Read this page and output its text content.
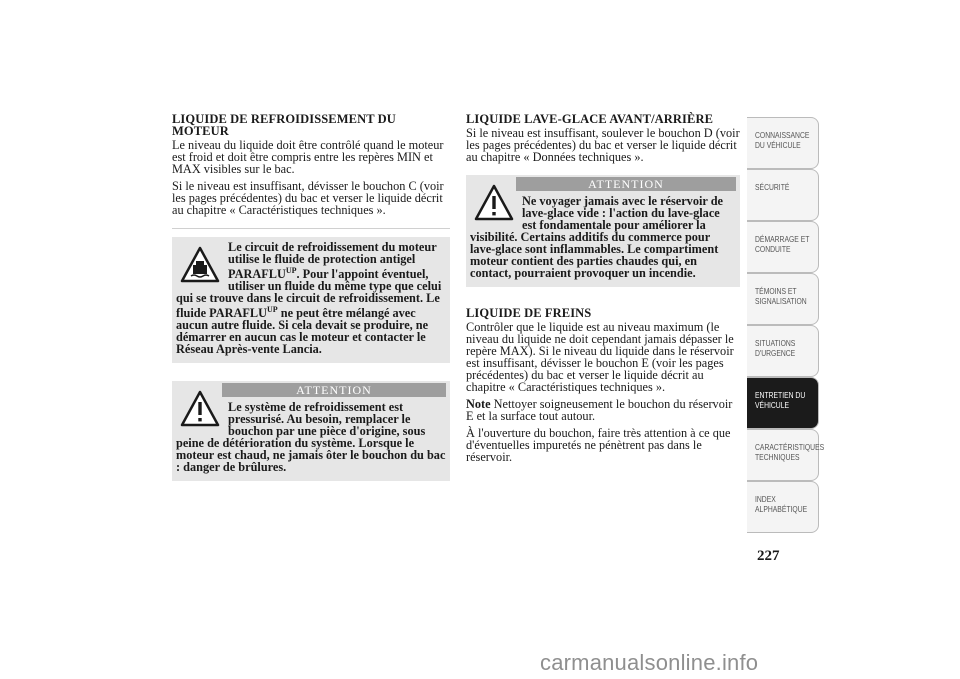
LIQUIDE DE REFROIDISSEMENT DU MOTEUR

Le niveau du liquide doit être contrôlé quand le moteur est froid et doit être compris entre les repères MIN et MAX visibles sur le bac.

Si le niveau est insuffisant, dévisser le bouchon C (voir les pages précédentes) du bac et verser le liquide décrit au chapitre « Caractéristiques techniques ».

Le circuit de refroidissement du moteur utilise le fluide de protection antigel $PARAFLU^{UP}$. Pour l'appoint éventuel, utiliser un fluide du même type que celui qui se trouve dans le circuit de refroidissement. Le fluide $PARAFLU^{UP}$ ne peut être mélangé avec aucun autre fluide. Si cela devait se produire, ne démarrer en aucun cas le moteur et contacter le Réseau Après-vente Lancia.
ATTENTION
Le système de refroidissement est pressurisé. Au besoin, remplacer le bouchon par une pièce d'origine, sous peine de détérioration du système. Lorsque le moteur est chaud, ne jamais ôter le bouchon du bac : danger de brûlures.
LIQUIDE LAVE-GLACE AVANT/ARRIÈRE

Si le niveau est insuffisant, soulever le bouchon D (voir les pages précédentes) du bac et verser le liquide décrit au chapitre « Données techniques ».

ATTENTION
Ne voyager jamais avec le réservoir de lave-glace vide : l'action du lave-glace est fondamentale pour améliorer la visibilité. Certains additifs du commerce pour lave-glace sont inflammables. Le compartiment moteur contient des parties chaudes qui, en contact, pourraient provoquer un incendie.
LIQUIDE DE FREINS

Contrôler que le liquide est au niveau maximum (le niveau du liquide ne doit cependant jamais dépasser le repère MAX). Si le niveau du liquide dans le réservoir est insuffisant, dévisser le bouchon E (voir les pages précédentes) du bac et verser le liquide décrit au chapitre « Caractéristiques techniques ».

Note Nettoyer soigneusement le bouchon du réservoir E et la surface tout autour.

À l'ouverture du bouchon, faire très attention à ce que d'éventuelles impuretés ne pénètrent pas dans le réservoir.

CONNAISSANCE DU VÉHICULE
SÉCURITÉ
DÉMARRAGE ET CONDUITE
TÉMOINS ET SIGNALISATION
SITUATIONS D'URGENCE
ENTRETIEN DU VÉHICULE
CARACTÉRISTIQUES TECHNIQUES
INDEX ALPHABÉTIQUE
227
carmanualsonline.info
